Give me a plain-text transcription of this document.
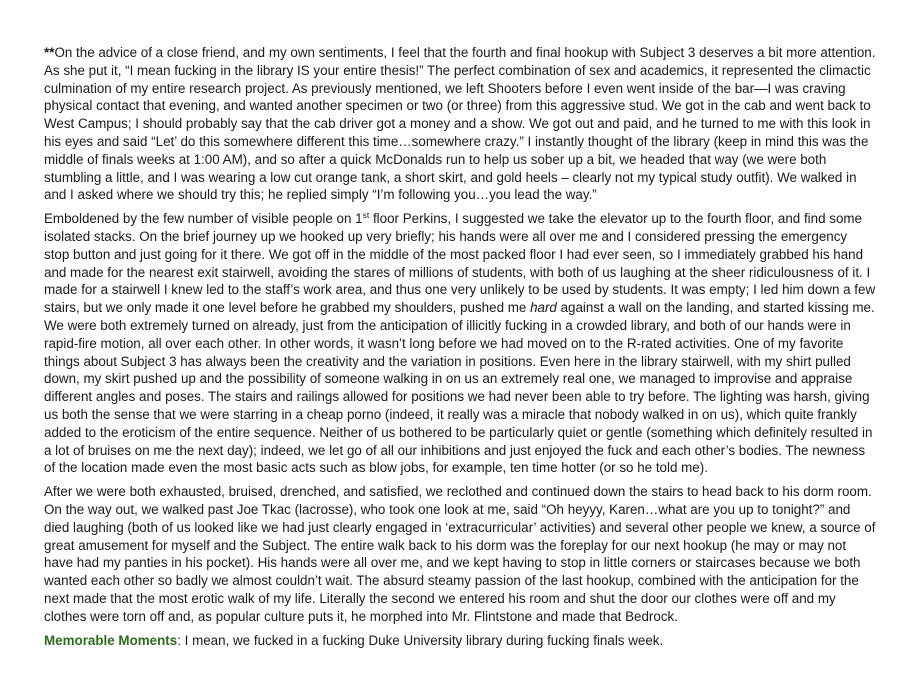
**On the advice of a close friend, and my own sentiments, I feel that the fourth and final hookup with Subject 3 deserves a bit more attention. As she put it, “I mean fucking in the library IS your entire thesis!” The perfect combination of sex and academics, it represented the climactic culmination of my entire research project. As previously mentioned, we left Shooters before I even went inside of the bar—I was craving physical contact that evening, and wanted another specimen or two (or three) from this aggressive stud. We got in the cab and went back to West Campus; I should probably say that the cab driver got a money and a show. We got out and paid, and he turned to me with this look in his eyes and said “Let’ do this somewhere different this time…somewhere crazy.” I instantly thought of the library (keep in mind this was the middle of finals weeks at 1:00 AM), and so after a quick McDonalds run to help us sober up a bit, we headed that way (we were both stumbling a little, and I was wearing a low cut orange tank, a short skirt, and gold heels – clearly not my typical study outfit). We walked in and I asked where we should try this; he replied simply “I’m following you…you lead the way.”

Emboldened by the few number of visible people on 1st floor Perkins, I suggested we take the elevator up to the fourth floor, and find some isolated stacks. On the brief journey up we hooked up very briefly; his hands were all over me and I considered pressing the emergency stop button and just going for it there. We got off in the middle of the most packed floor I had ever seen, so I immediately grabbed his hand and made for the nearest exit stairwell, avoiding the stares of millions of students, with both of us laughing at the sheer ridiculousness of it. I made for a stairwell I knew led to the staff’s work area, and thus one very unlikely to be used by students. It was empty; I led him down a few stairs, but we only made it one level before he grabbed my shoulders, pushed me hard against a wall on the landing, and started kissing me. We were both extremely turned on already, just from the anticipation of illicitly fucking in a crowded library, and both of our hands were in rapid-fire motion, all over each other. In other words, it wasn’t long before we had moved on to the R-rated activities. One of my favorite things about Subject 3 has always been the creativity and the variation in positions. Even here in the library stairwell, with my shirt pulled down, my skirt pushed up and the possibility of someone walking in on us an extremely real one, we managed to improvise and appraise different angles and poses. The stairs and railings allowed for positions we had never been able to try before. The lighting was harsh, giving us both the sense that we were starring in a cheap porno (indeed, it really was a miracle that nobody walked in on us), which quite frankly added to the eroticism of the entire sequence. Neither of us bothered to be particularly quiet or gentle (something which definitely resulted in a lot of bruises on me the next day); indeed, we let go of all our inhibitions and just enjoyed the fuck and each other’s bodies. The newness of the location made even the most basic acts such as blow jobs, for example, ten time hotter (or so he told me).

After we were both exhausted, bruised, drenched, and satisfied, we reclothed and continued down the stairs to head back to his dorm room. On the way out, we walked past Joe Tkac (lacrosse), who took one look at me, said “Oh heyyy, Karen…what are you up to tonight?” and died laughing (both of us looked like we had just clearly engaged in ‘extracurricular’ activities) and several other people we knew, a source of great amusement for myself and the Subject. The entire walk back to his dorm was the foreplay for our next hookup (he may or may not have had my panties in his pocket). His hands were all over me, and we kept having to stop in little corners or staircases because we both wanted each other so badly we almost couldn’t wait. The absurd steamy passion of the last hookup, combined with the anticipation for the next made that the most erotic walk of my life. Literally the second we entered his room and shut the door our clothes were off and my clothes were torn off and, as popular culture puts it, he morphed into Mr. Flintstone and made that Bedrock.

Memorable Moments: I mean, we fucked in a fucking Duke University library during fucking finals week.
